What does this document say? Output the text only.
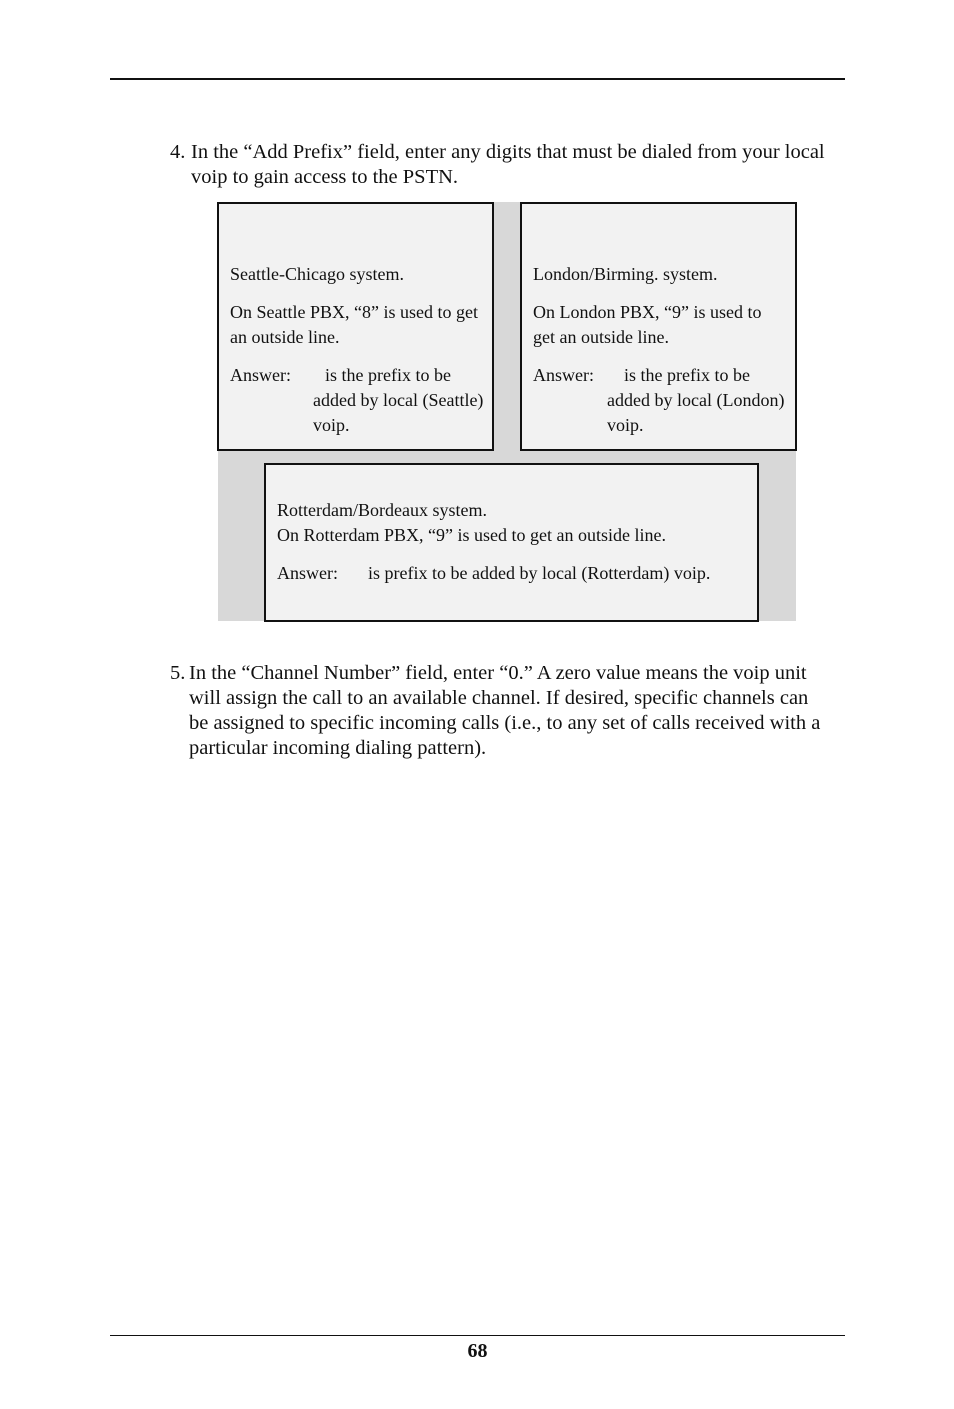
4. In the “Add Prefix” field, enter any digits that must be dialed from your local voip to gain access to the PSTN.

Seattle-Chicago system.

On Seattle PBX, “8” is used to get an outside line.

Answer:	is the prefix to be added by local (Seattle) voip.

London/Birming. system.

On London PBX, “9” is used to get an outside line.

Answer:	is the prefix to be added by local (London) voip.

Rotterdam/Bordeaux system.

On Rotterdam PBX, “9” is used to get an outside line.

Answer:	is prefix to be added by local (Rotterdam) voip.
5. In the “Channel Number” field, enter “0.” A zero value means the voip unit will assign the call to an available channel. If desired, specific channels can be assigned to specific incoming calls (i.e., to any set of calls received with a particular incoming dialing pattern).
68
